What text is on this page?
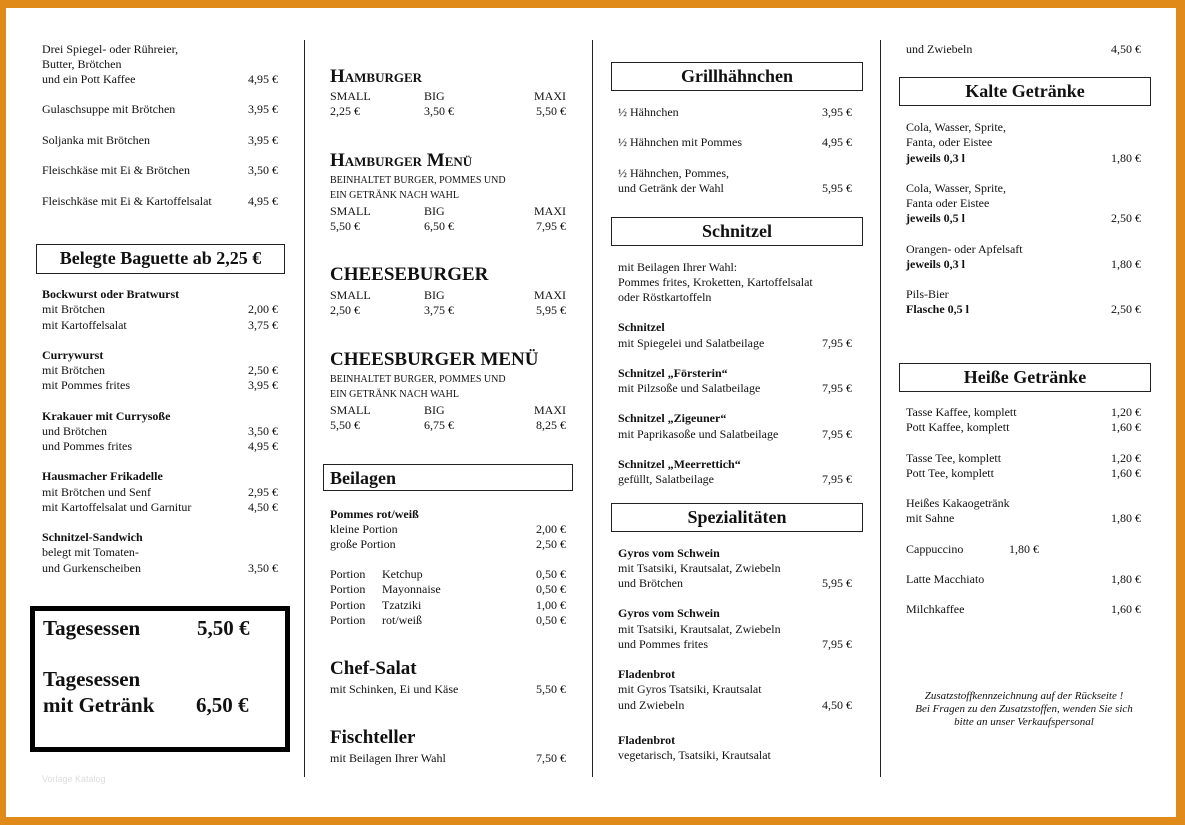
Drei Spiegel- oder Rühreier,
Butter, Brötchen
und ein Pott Kaffee	4,95 €
Gulaschsuppe mit Brötchen	3,95 €
Soljanka mit Brötchen	3,95 €
Fleischkäse mit Ei & Brötchen	3,50 €
Fleischkäse mit Ei & Kartoffelsalat	4,95 €
Belegte Baguette ab 2,25 €
Bockwurst oder Bratwurst
mit Brötchen	2,00 €
mit Kartoffelsalat	3,75 €
Currywurst
mit Brötchen	2,50 €
mit Pommes frites	3,95 €
Krakauer mit Currysoße
und Brötchen	3,50 €
und Pommes frites	4,95 €
Hausmacher Frikadelle
mit Brötchen und Senf	2,95 €
mit Kartoffelsalat und Garnitur	4,50 €
Schnitzel-Sandwich
belegt mit Tomaten-
und Gurkenscheiben	3,50 €
Tagesessen	5,50 €
Tagesessen
mit Getränk 6,50 €
Vorlage Katalog
Hamburger
SMALL	BIG	MAXI
2,25 €	3,50 €	5,50 €
Hamburger Menü
BEINHALTET BURGER, POMMES UND
EIN GETRÄNK NACH WAHL
SMALL	BIG	MAXI
5,50 €	6,50 €	7,95 €
CHEESEBURGER
SMALL	BIG	MAXI
2,50 €	3,75 €	5,95 €
CHEESBURGER MENÜ
BEINHALTET BURGER, POMMES UND
EIN GETRÄNK NACH WAHL
SMALL	BIG	MAXI
5,50 €	6,75 €	8,25 €
Beilagen
Pommes rot/weiß
kleine Portion	2,00 €
große Portion	2,50 €
Portion Ketchup	0,50 €
Portion Mayonnaise	0,50 €
Portion Tzatziki	1,00 €
Portion rot/weiß	0,50 €
Chef-Salat
mit Schinken, Ei und Käse	5,50 €
Fischteller
mit Beilagen Ihrer Wahl	7,50 €
Grillhähnchen
½ Hähnchen	3,95 €
½ Hähnchen mit Pommes	4,95 €
½ Hähnchen, Pommes,
und Getränk der Wahl	5,95 €
Schnitzel
mit Beilagen Ihrer Wahl:
Pommes frites, Kroketten, Kartoffelsalat
oder Röstkartoffeln
Schnitzel
mit Spiegelei und Salatbeilage	7,95 €
Schnitzel „Försterin“
mit Pilzsoße und Salatbeilage	7,95 €
Schnitzel „Zigeuner“
mit Paprikasoße und Salatbeilage	7,95 €
Schnitzel „Meerrettich“
gefüllt, Salatbeilage	7,95 €
Spezialitäten
Gyros vom Schwein
mit Tsatsiki, Krautsalat, Zwiebeln
und Brötchen	5,95 €
Gyros vom Schwein
mit Tsatsiki, Krautsalat, Zwiebeln
und Pommes frites	7,95 €
Fladenbrot
mit Gyros Tsatsiki, Krautsalat
und Zwiebeln	4,50 €
Fladenbrot
vegetarisch, Tsatsiki, Krautsalat
und Zwiebeln	4,50 €
Kalte Getränke
Cola, Wasser, Sprite,
Fanta, oder Eistee
jeweils 0,3 l	1,80 €
Cola, Wasser, Sprite,
Fanta oder Eistee
jeweils 0,5 l	2,50 €
Orangen- oder Apfelsaft
jeweils 0,3 l	1,80 €
Pils-Bier
Flasche 0,5 l	2,50 €
Heiße Getränke
Tasse Kaffee, komplett	1,20 €
Pott Kaffee, komplett	1,60 €
Tasse Tee, komplett	1,20 €
Pott Tee, komplett	1,60 €
Heißes Kakaogetränk
mit Sahne	1,80 €
Cappuccino	1,80 €
Latte Macchiato	1,80 €
Milchkaffee	1,60 €
Zusatzstoffkennzeichnung auf der Rückseite !
Bei Fragen zu den Zusatzstoffen, wenden Sie sich
bitte an unser Verkaufspersonal
